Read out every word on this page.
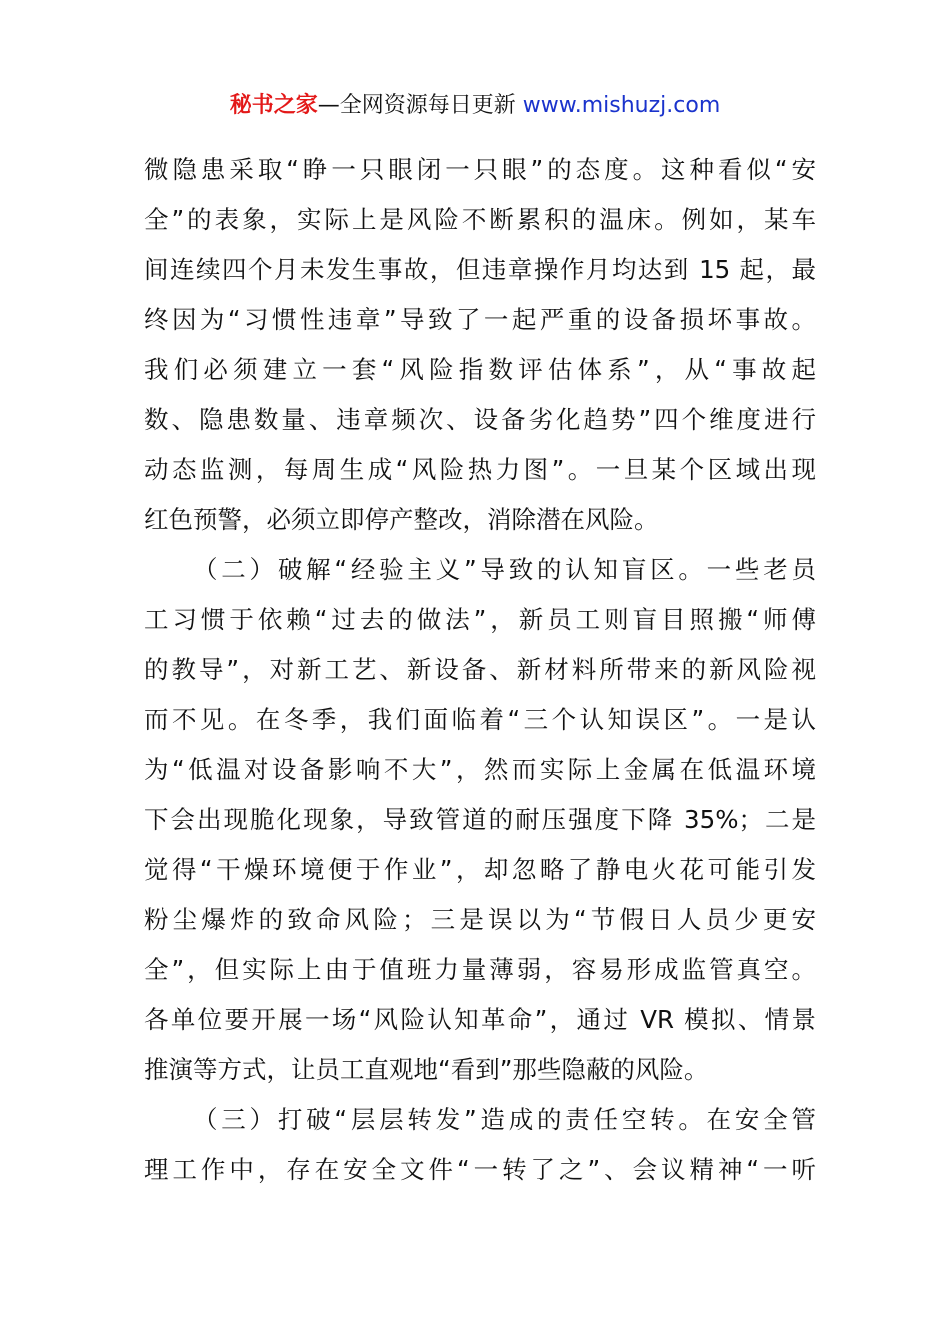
秘书之家—全网资源每日更新 www.mishuzj.com
微隐患采取“睁一只眼闭一只眼”的态度。这种看似“安
全”的表象，实际上是风险不断累积的温床。例如，某车
间连续四个月未发生事故，但违章操作月均达到 15 起，最
终因为“习惯性违章”导致了一起严重的设备损坏事故。
我们必须建立一套“风险指数评估体系”，从“事故起
数、隐患数量、违章频次、设备劣化趋势”四个维度进行
动态监测，每周生成“风险热力图”。一旦某个区域出现
红色预警，必须立即停产整改，消除潜在风险。
（二）破解“经验主义”导致的认知盲区。一些老员
工习惯于依赖“过去的做法”，新员工则盲目照搬“师傅
的教导”，对新工艺、新设备、新材料所带来的新风险视
而不见。在冬季，我们面临着“三个认知误区”。一是认
为“低温对设备影响不大”，然而实际上金属在低温环境
下会出现脆化现象，导致管道的耐压强度下降 35%；二是
觉得“干燥环境便于作业”，却忽略了静电火花可能引发
粉尘爆炸的致命风险；三是误以为“节假日人员少更安
全”，但实际上由于值班力量薄弱，容易形成监管真空。
各单位要开展一场“风险认知革命”，通过 VR 模拟、情景
推演等方式，让员工直观地“看到”那些隐蔽的风险。
（三）打破“层层转发”造成的责任空转。在安全管
理工作中，存在安全文件“一转了之”、会议精神“一听
